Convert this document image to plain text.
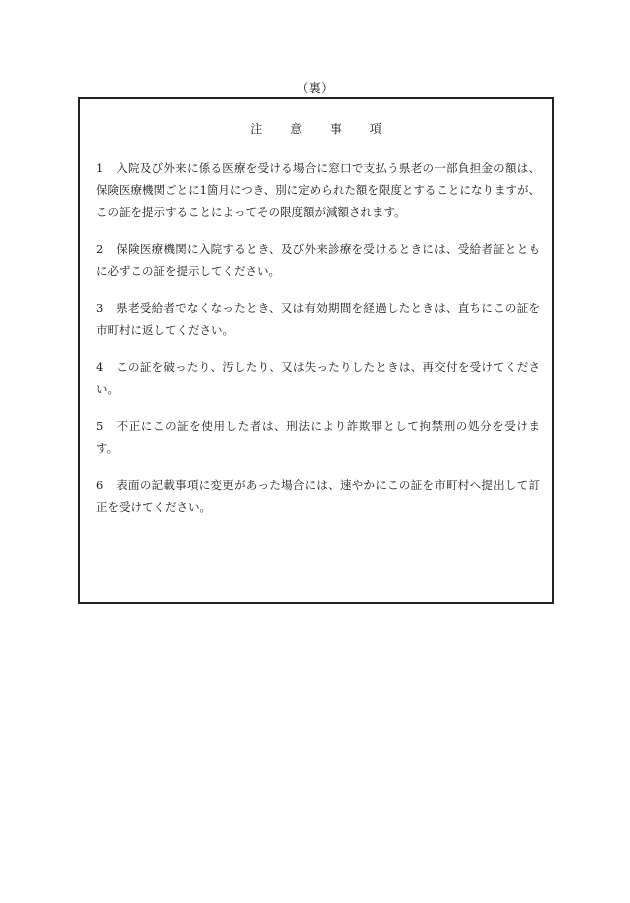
（裏）
注 意 事 項
1 入院及び外来に係る医療を受ける場合に窓口で支払う県老の一部負担金の額は、保険医療機関ごとに1箇月につき、別に定められた額を限度とすることになりますが、この証を提示することによってその限度額が減額されます。
2 保険医療機関に入院するとき、及び外来診療を受けるときには、受給者証とともに必ずこの証を提示してください。
3 県老受給者でなくなったとき、又は有効期間を経過したときは、直ちにこの証を市町村に返してください。
4 この証を破ったり、汚したり、又は失ったりしたときは、再交付を受けてください。
5 不正にこの証を使用した者は、刑法により詐欺罪として拘禁刑の処分を受けます。
6 表面の記載事項に変更があった場合には、速やかにこの証を市町村へ提出して訂正を受けてください。
